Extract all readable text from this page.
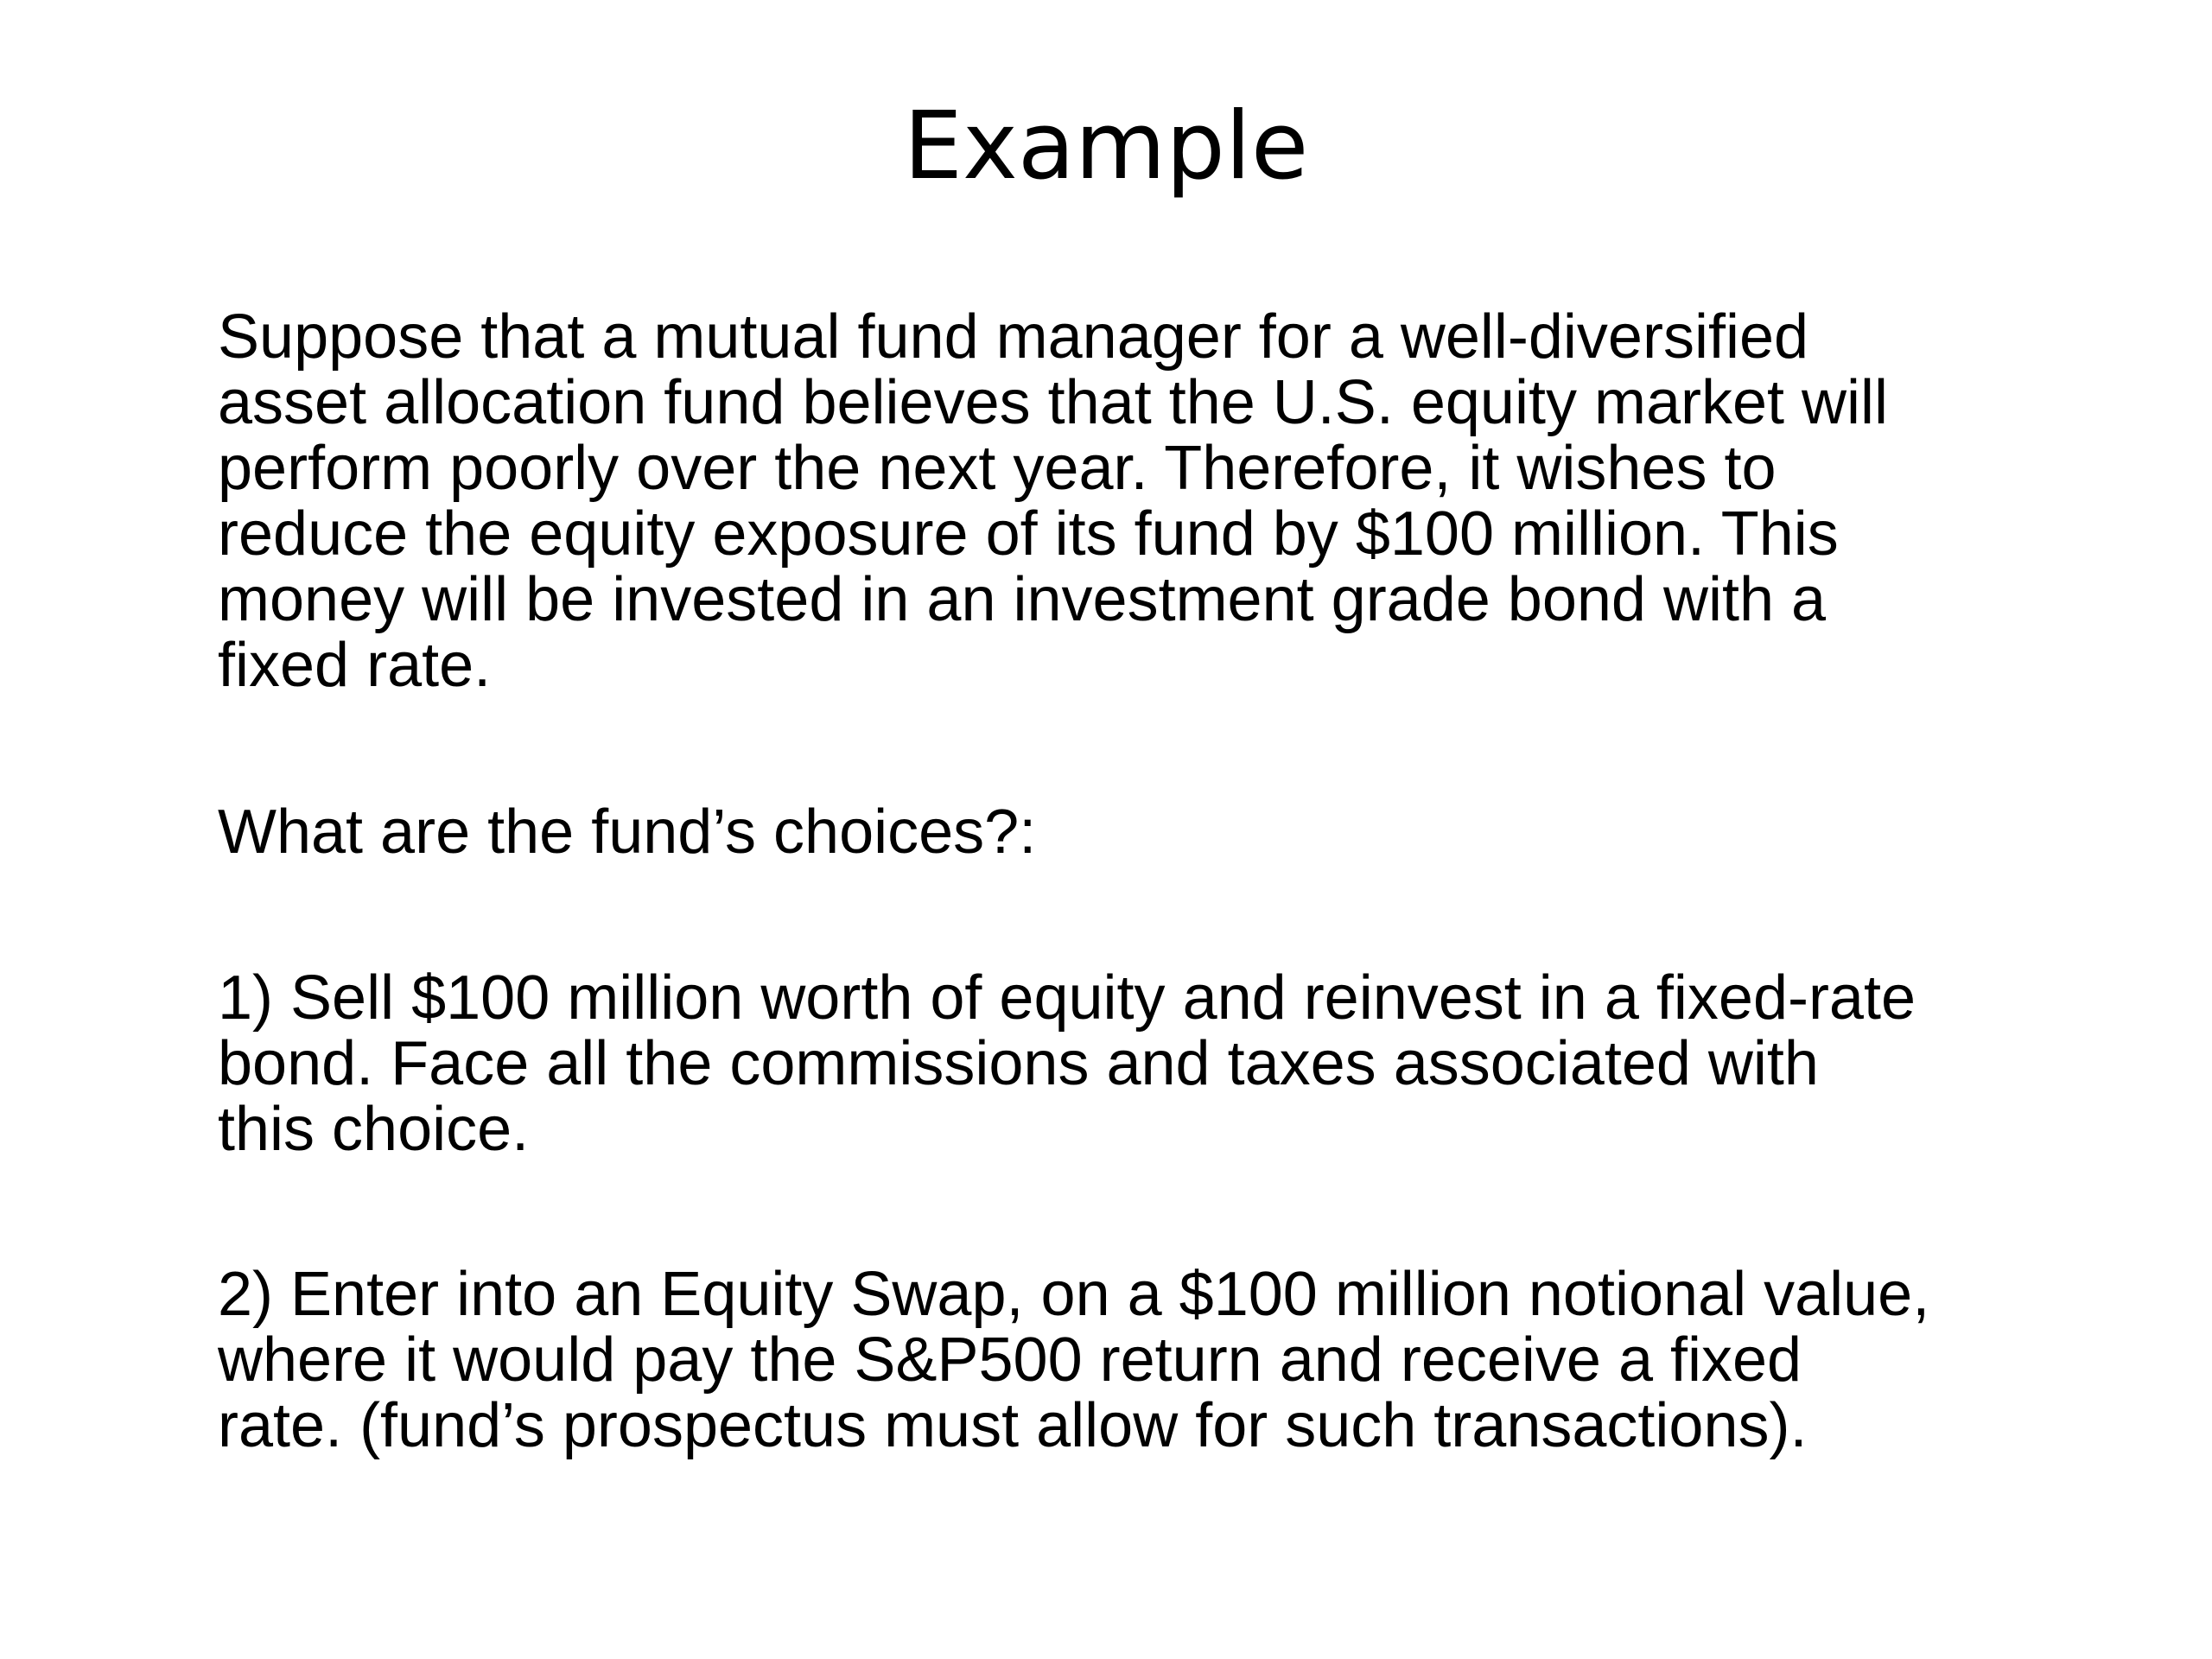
Example

Suppose that a mutual fund manager for a well-diversified
asset allocation fund believes that the U.S. equity market will
perform poorly over the next year. Therefore, it wishes to
reduce the equity exposure of its fund by $100 million. This
money will be invested in an investment grade bond with a
fixed rate.

What are the fund’s choices?:

1) Sell $100 million worth of equity and reinvest in a fixed-rate
bond. Face all the commissions and taxes associated with
this choice.

2) Enter into an Equity Swap, on a $100 million notional value,
where it would pay the S&P500 return and receive a fixed
rate. (fund’s prospectus must allow for such transactions).
